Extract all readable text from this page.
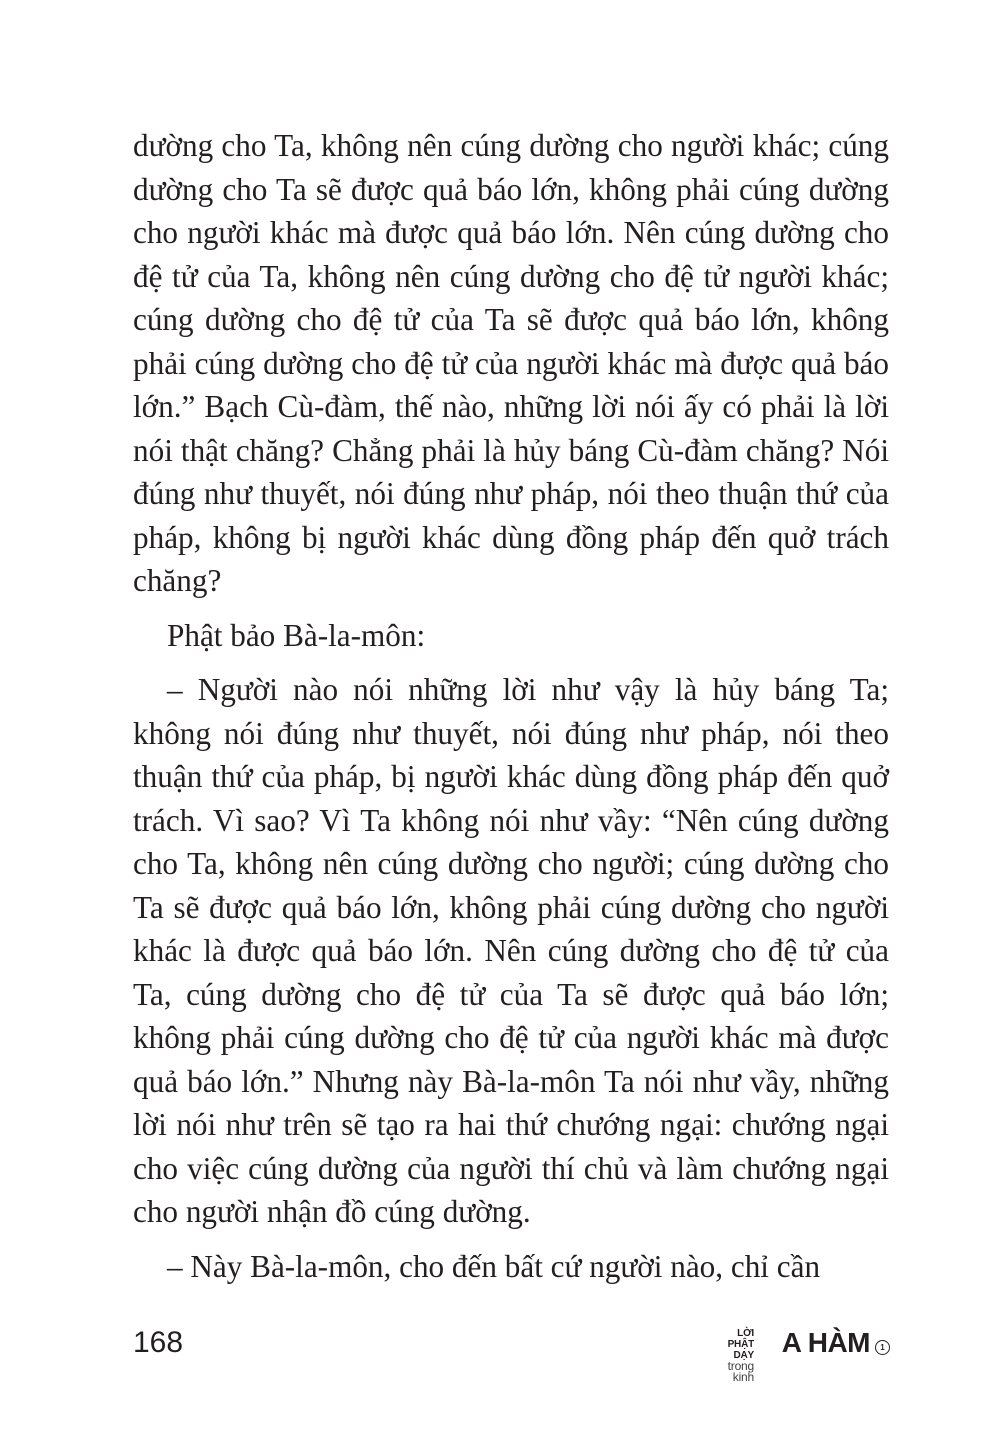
dường cho Ta, không nên cúng dường cho người khác; cúng dường cho Ta sẽ được quả báo lớn, không phải cúng dường cho người khác mà được quả báo lớn. Nên cúng dường cho đệ tử của Ta, không nên cúng dường cho đệ tử người khác; cúng dường cho đệ tử của Ta sẽ được quả báo lớn, không phải cúng dường cho đệ tử của người khác mà được quả báo lớn.” Bạch Cù-đàm, thế nào, những lời nói ấy có phải là lời nói thật chăng? Chẳng phải là hủy báng Cù-đàm chăng? Nói đúng như thuyết, nói đúng như pháp, nói theo thuận thứ của pháp, không bị người khác dùng đồng pháp đến quở trách chăng?

Phật bảo Bà-la-môn:

– Người nào nói những lời như vậy là hủy báng Ta; không nói đúng như thuyết, nói đúng như pháp, nói theo thuận thứ của pháp, bị người khác dùng đồng pháp đến quở trách. Vì sao? Vì Ta không nói như vầy: “Nên cúng dường cho Ta, không nên cúng dường cho người; cúng dường cho Ta sẽ được quả báo lớn, không phải cúng dường cho người khác là được quả báo lớn. Nên cúng dường cho đệ tử của Ta, cúng dường cho đệ tử của Ta sẽ được quả báo lớn; không phải cúng dường cho đệ tử của người khác mà được quả báo lớn.” Nhưng này Bà-la-môn Ta nói như vầy, những lời nói như trên sẽ tạo ra hai thứ chướng ngại: chướng ngại cho việc cúng dường của người thí chủ và làm chướng ngại cho người nhận đồ cúng dường.

– Này Bà-la-môn, cho đến bất cứ người nào, chỉ cần

168	LỜI PHẬT DẠY
trong kinh
A HÀM	1
